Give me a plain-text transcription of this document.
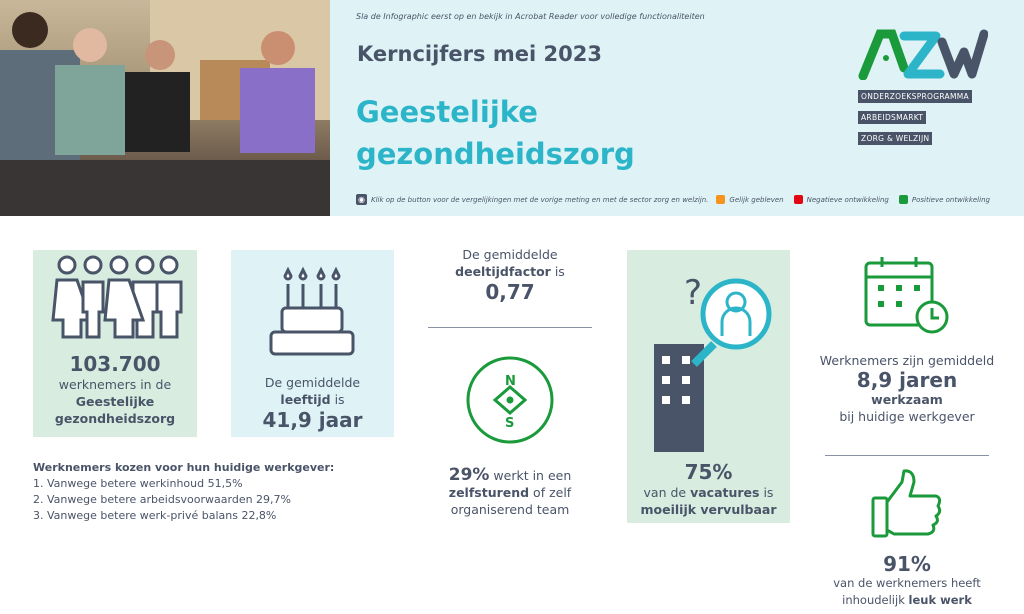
Sla de Infographic eerst op en bekijk in Acrobat Reader voor volledige functionaliteiten
Kerncijfers mei 2023
Geestelijke
gezondheidszorg
◉ Klik op de button voor de vergelijkingen met de vorige meting en met de sector zorg en welzijn.	Gelijk gebleven	Negatieve ontwikkeling	Positieve ontwikkeling
ONDERZOEKSPROGRAMMA
ARBEIDSMARKT
ZORG & WELZIJN
103.700
werknemers in de
Geestelijke
gezondheidszorg
De gemiddelde
leeftijd is
41,9 jaar
Werknemers kozen voor hun huidige werkgever:
1. Vanwege betere werkinhoud 51,5%
2. Vanwege betere arbeidsvoorwaarden 29,7%
3. Vanwege betere werk-privé balans 22,8%
De gemiddelde
deeltijdfactor is
0,77
N
S
29% werkt in een
zelfsturend of zelf
organiserend team
?
75%
van de vacatures is
moeilijk vervulbaar
Werknemers zijn gemiddeld
8,9 jaren
werkzaam
bij huidige werkgever
91%
van de werknemers heeft
inhoudelijk leuk werk
